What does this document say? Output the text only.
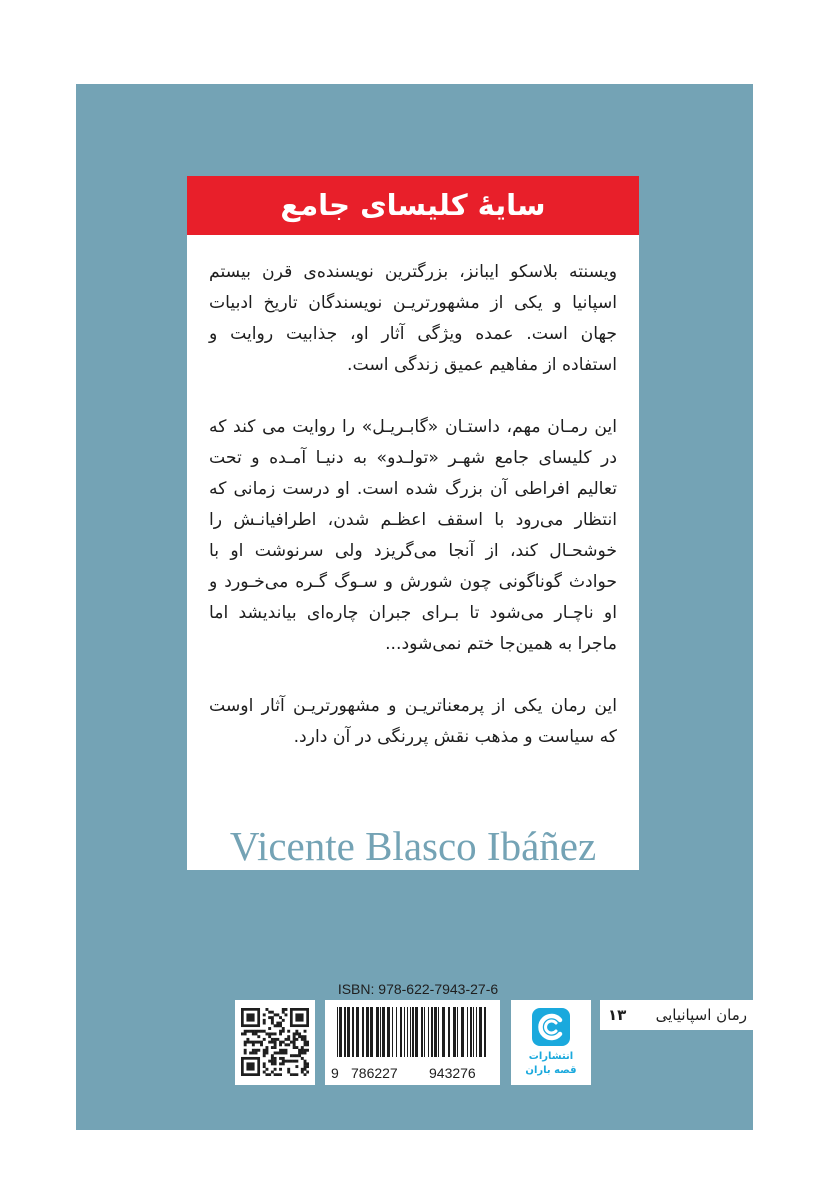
سایهٔ کلیسای جامع

ویسنته بلاسکو ایبانز، بزرگترین نویسنده‌ی قرن بیستم اسپانیا و یکی از مشهورتریـن نویسندگان تاریخ ادبیات جهان است. عمده ویژگی آثار او، جذابیت روایت و استفاده از مفاهیم عمیق زندگی است.

این رمـان مهم، داستـان «گابـریـل» را روایت می کند که در کلیسای جامع شهـر «تولـدو» به دنیـا آمـده و تحت تعالیم افراطی آن بزرگ شده است. او درست زمانی که انتظار می‌رود با اسقف اعظـم شدن، اطرافیانـش را خوشحـال کند، از آنجا می‌گریزد ولی سرنوشت او با حوادث گوناگونی چون شورش و سـوگ گـره می‌خـورد و او ناچـار می‌شود تا بـرای جبران چاره‌ای بیاندیشد اما ماجرا به همین‌جا ختم نمی‌شود...

این رمان یکی از پرمعناتریـن و مشهورتریـن آثار اوست که سیاست و مذهب نقش پررنگی در آن دارد.

Vicente Blasco Ibáñez
ISBN: 978-622-7943-27-6
9 786227 943276
انتشارات
قصه باران
رمان اسپانیایی
۱۳
